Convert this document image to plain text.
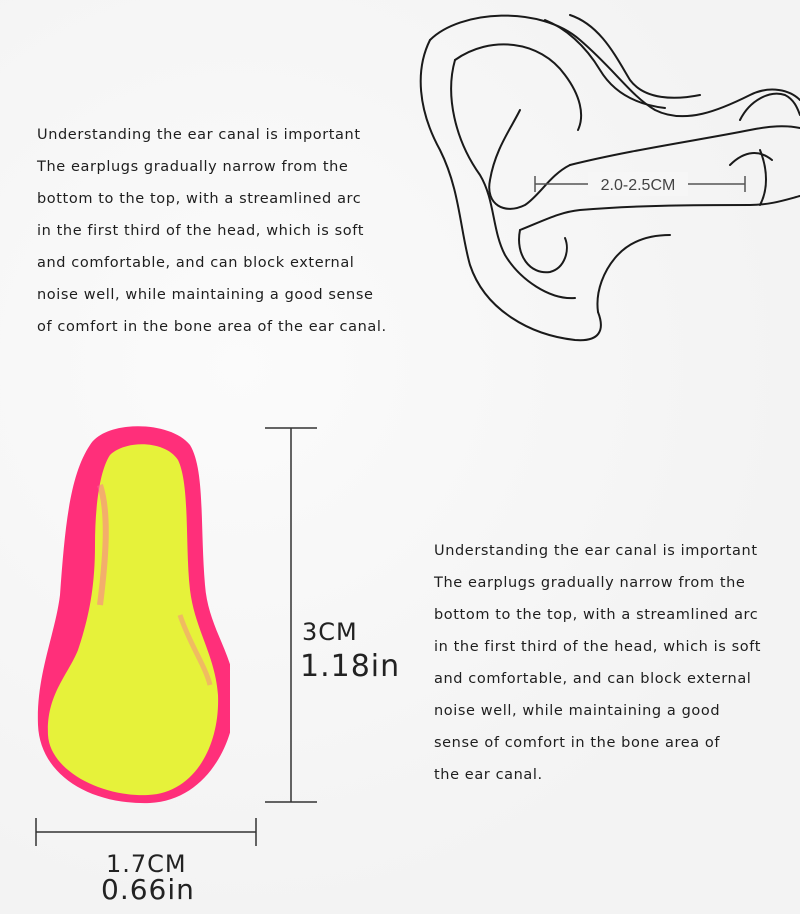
Understanding the ear canal is important
The earplugs gradually narrow from the
bottom to the top, with a streamlined arc
in the first third of the head, which is soft
and comfortable, and can block external
noise well, while maintaining a good sense
of comfort in the bone area of the ear canal.
2.0-2.5CM
3CM
1.18in
1.7CM
0.66in
Understanding the ear canal is important
The earplugs gradually narrow from the
bottom to the top, with a streamlined arc
in the first third of the head, which is soft
and comfortable, and can block external
noise well, while maintaining a good
sense of comfort in the bone area of
the ear canal.
